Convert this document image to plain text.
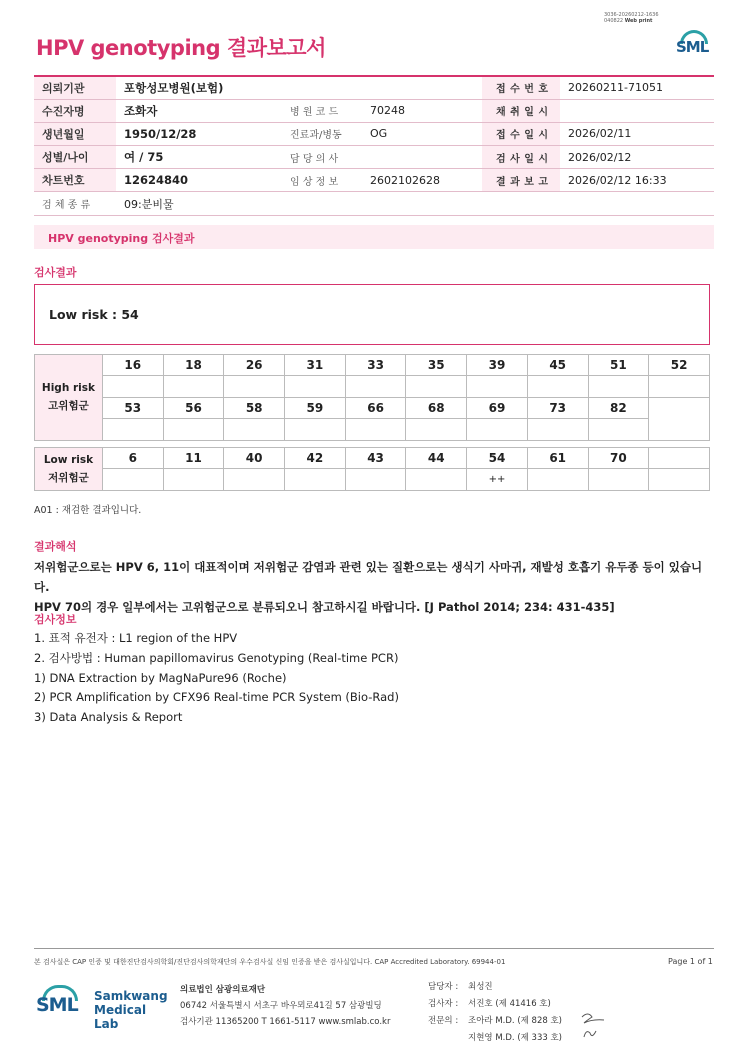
3036-20260212-1636
040822 Web print
HPV genotyping 결과보고서	SML
의뢰기관	포항성모병원(보험)			접 수 번 호	20260211-71051
수진자명	조화자	병 원 코 드	70248	채 취 일 시	
생년월일	1950/12/28	진료과/병동	OG	접 수 일 시	2026/02/11
성별/나이	여 / 75	담 당 의 사		검 사 일 시	2026/02/12
차트번호	12624840	임 상 정 보	2602102628	결 과 보 고	2026/02/12 16:33
검 체 종 류	09:분비물				
HPV genotyping 검사결과
검사결과
Low risk : 54
High risk
고위험군	16	18	26	31	33	35	39	45	51	52

	53	56	58	59	66	68	69	73	82	

Low risk
저위험군	6	11	40	42	43	44	54	61	70	
							++			
A01 : 재검한 결과입니다.
결과해석
저위험군으로는 HPV 6, 11이 대표적이며 저위험군 감염과 관련 있는 질환으로는 생식기 사마귀, 재발성 호흡기 유두종 등이 있습니다.
HPV 70의 경우 일부에서는 고위험군으로 분류되오니 참고하시길 바랍니다. [J Pathol 2014; 234: 431-435]
검사정보
1. 표적 유전자 : L1 region of the HPV
2. 검사방법 : Human papillomavirus Genotyping (Real-time PCR)
1) DNA Extraction by MagNaPure96 (Roche)
2) PCR Amplification by CFX96 Real-time PCR System (Bio-Rad)
3) Data Analysis & Report
본 검사실은 CAP 인증 및 대한진단검사의학회/진단검사의학재단의 우수검사실 신임 인증을 받은 검사실입니다. CAP Accredited Laboratory. 69944-01	Page 1 of 1
SML Samkwang
Medical Lab
의료법인 삼광의료재단
06742 서울특별시 서초구 바우뫼로41길 57 삼광빌딩
검사기관 11365200 T 1661-5117 www.smlab.co.kr
담당자 :	최성진
검사자 :	서진호 (제 41416 호)
전문의 :	조아라 M.D. (제 828 호)
지현영 M.D. (제 333 호)
